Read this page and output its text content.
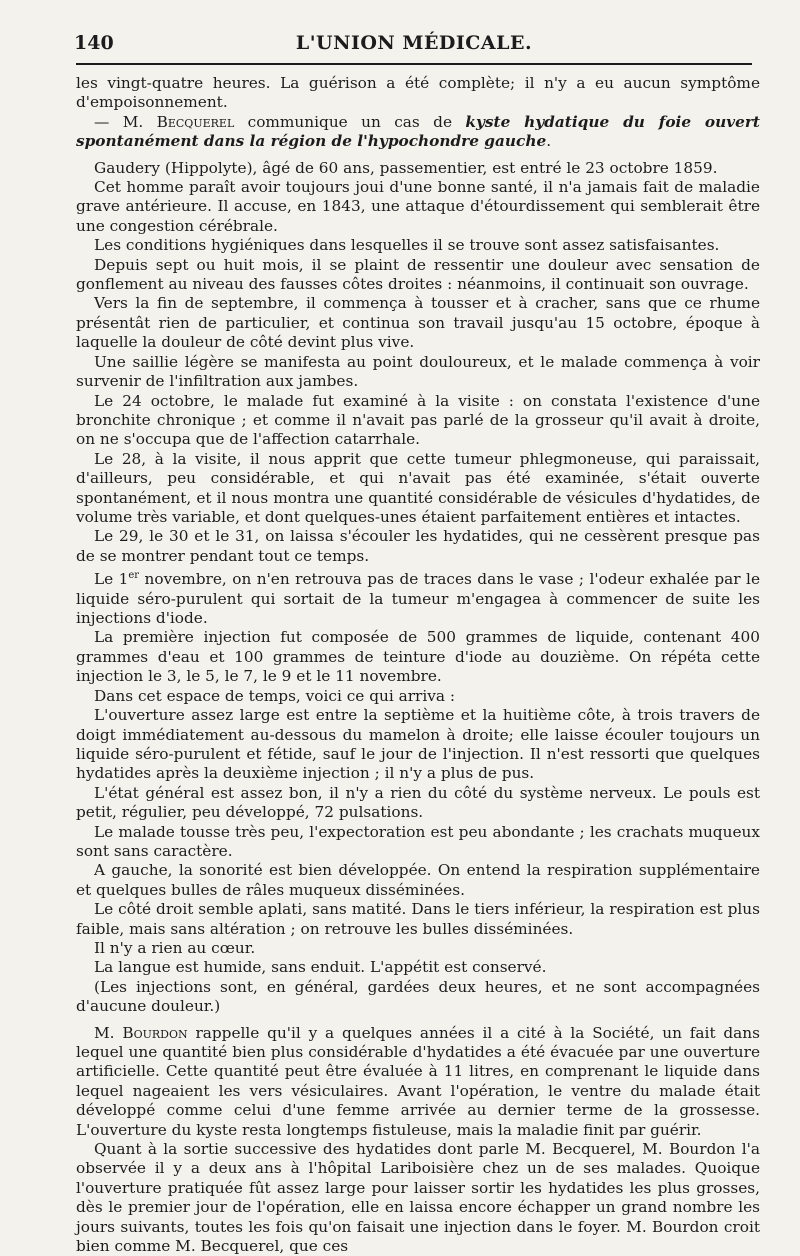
140	L'UNION MÉDICALE.

les vingt-quatre heures. La guérison a été complète; il n'y a eu aucun symptôme d'empoisonnement.

— M. Becquerel communique un cas de kyste hydatique du foie ouvert spontanément dans la région de l'hypochondre gauche.

Gaudery (Hippolyte), âgé de 60 ans, passementier, est entré le 23 octobre 1859.

Cet homme paraît avoir toujours joui d'une bonne santé, il n'a jamais fait de maladie grave antérieure. Il accuse, en 1843, une attaque d'étourdissement qui semblerait être une congestion cérébrale.

Les conditions hygiéniques dans lesquelles il se trouve sont assez satisfaisantes.

Depuis sept ou huit mois, il se plaint de ressentir une douleur avec sensation de gonflement au niveau des fausses côtes droites : néanmoins, il continuait son ouvrage.

Vers la fin de septembre, il commença à tousser et à cracher, sans que ce rhume présentât rien de particulier, et continua son travail jusqu'au 15 octobre, époque à laquelle la douleur de côté devint plus vive.

Une saillie légère se manifesta au point douloureux, et le malade commença à voir survenir de l'infiltration aux jambes.

Le 24 octobre, le malade fut examiné à la visite : on constata l'existence d'une bronchite chronique ; et comme il n'avait pas parlé de la grosseur qu'il avait à droite, on ne s'occupa que de l'affection catarrhale.

Le 28, à la visite, il nous apprit que cette tumeur phlegmoneuse, qui paraissait, d'ailleurs, peu considérable, et qui n'avait pas été examinée, s'était ouverte spontanément, et il nous montra une quantité considérable de vésicules d'hydatides, de volume très variable, et dont quelques-unes étaient parfaitement entières et intactes.

Le 29, le 30 et le 31, on laissa s'écouler les hydatides, qui ne cessèrent presque pas de se montrer pendant tout ce temps.

Le 1er novembre, on n'en retrouva pas de traces dans le vase ; l'odeur exhalée par le liquide séro-purulent qui sortait de la tumeur m'engagea à commencer de suite les injections d'iode.

La première injection fut composée de 500 grammes de liquide, contenant 400 grammes d'eau et 100 grammes de teinture d'iode au douzième. On répéta cette injection le 3, le 5, le 7, le 9 et le 11 novembre.

Dans cet espace de temps, voici ce qui arriva :

L'ouverture assez large est entre la septième et la huitième côte, à trois travers de doigt immédiatement au-dessous du mamelon à droite; elle laisse écouler toujours un liquide séro-purulent et fétide, sauf le jour de l'injection. Il n'est ressorti que quelques hydatides après la deuxième injection ; il n'y a plus de pus.

L'état général est assez bon, il n'y a rien du côté du système nerveux. Le pouls est petit, régulier, peu développé, 72 pulsations.

Le malade tousse très peu, l'expectoration est peu abondante ; les crachats muqueux sont sans caractère.

A gauche, la sonorité est bien développée. On entend la respiration supplémentaire et quelques bulles de râles muqueux disséminées.

Le côté droit semble aplati, sans matité. Dans le tiers inférieur, la respiration est plus faible, mais sans altération ; on retrouve les bulles disséminées.

Il n'y a rien au cœur.

La langue est humide, sans enduit. L'appétit est conservé.

(Les injections sont, en général, gardées deux heures, et ne sont accompagnées d'aucune douleur.)

M. Bourdon rappelle qu'il y a quelques années il a cité à la Société, un fait dans lequel une quantité bien plus considérable d'hydatides a été évacuée par une ouverture artificielle. Cette quantité peut être évaluée à 11 litres, en comprenant le liquide dans lequel nageaient les vers vésiculaires. Avant l'opération, le ventre du malade était développé comme celui d'une femme arrivée au dernier terme de la grossesse. L'ouverture du kyste resta longtemps fistuleuse, mais la maladie finit par guérir.

Quant à la sortie successive des hydatides dont parle M. Becquerel, M. Bourdon l'a observée il y a deux ans à l'hôpital Lariboisière chez un de ses malades. Quoique l'ouverture pratiquée fût assez large pour laisser sortir les hydatides les plus grosses, dès le premier jour de l'opération, elle en laissa encore échapper un grand nombre les jours suivants, toutes les fois qu'on faisait une injection dans le foyer. M. Bourdon croit bien comme M. Becquerel, que ces
